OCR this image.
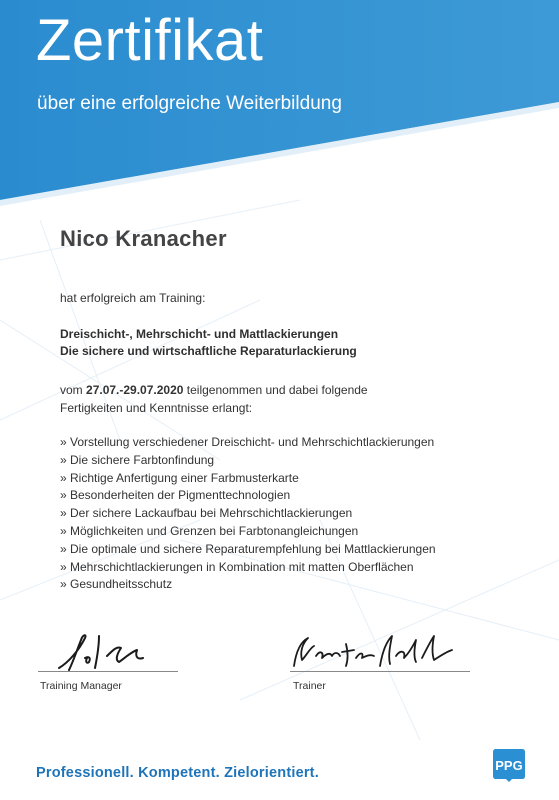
Zertifikat
über eine erfolgreiche Weiterbildung
Nico Kranacher
hat erfolgreich am Training:
Dreischicht-, Mehrschicht- und Mattlackierungen
Die sichere und wirtschaftliche Reparaturlackierung
vom 27.07.-29.07.2020 teilgenommen und dabei folgende
Fertigkeiten und Kenntnisse erlangt:
» Vorstellung verschiedener Dreischicht- und Mehrschichtlackierungen
» Die sichere Farbtonfindung
» Richtige Anfertigung einer Farbmusterkarte
» Besonderheiten der Pigmenttechnologien
» Der sichere Lackaufbau bei Mehrschichtlackierungen
» Möglichkeiten und Grenzen bei Farbtonangleichungen
» Die optimale und sichere Reparaturempfehlung bei Mattlackierungen
» Mehrschichtlackierungen in Kombination mit matten Oberflächen
» Gesundheitsschutz
Training Manager	Trainer
Professionell. Kompetent. Zielorientiert.	PPG
